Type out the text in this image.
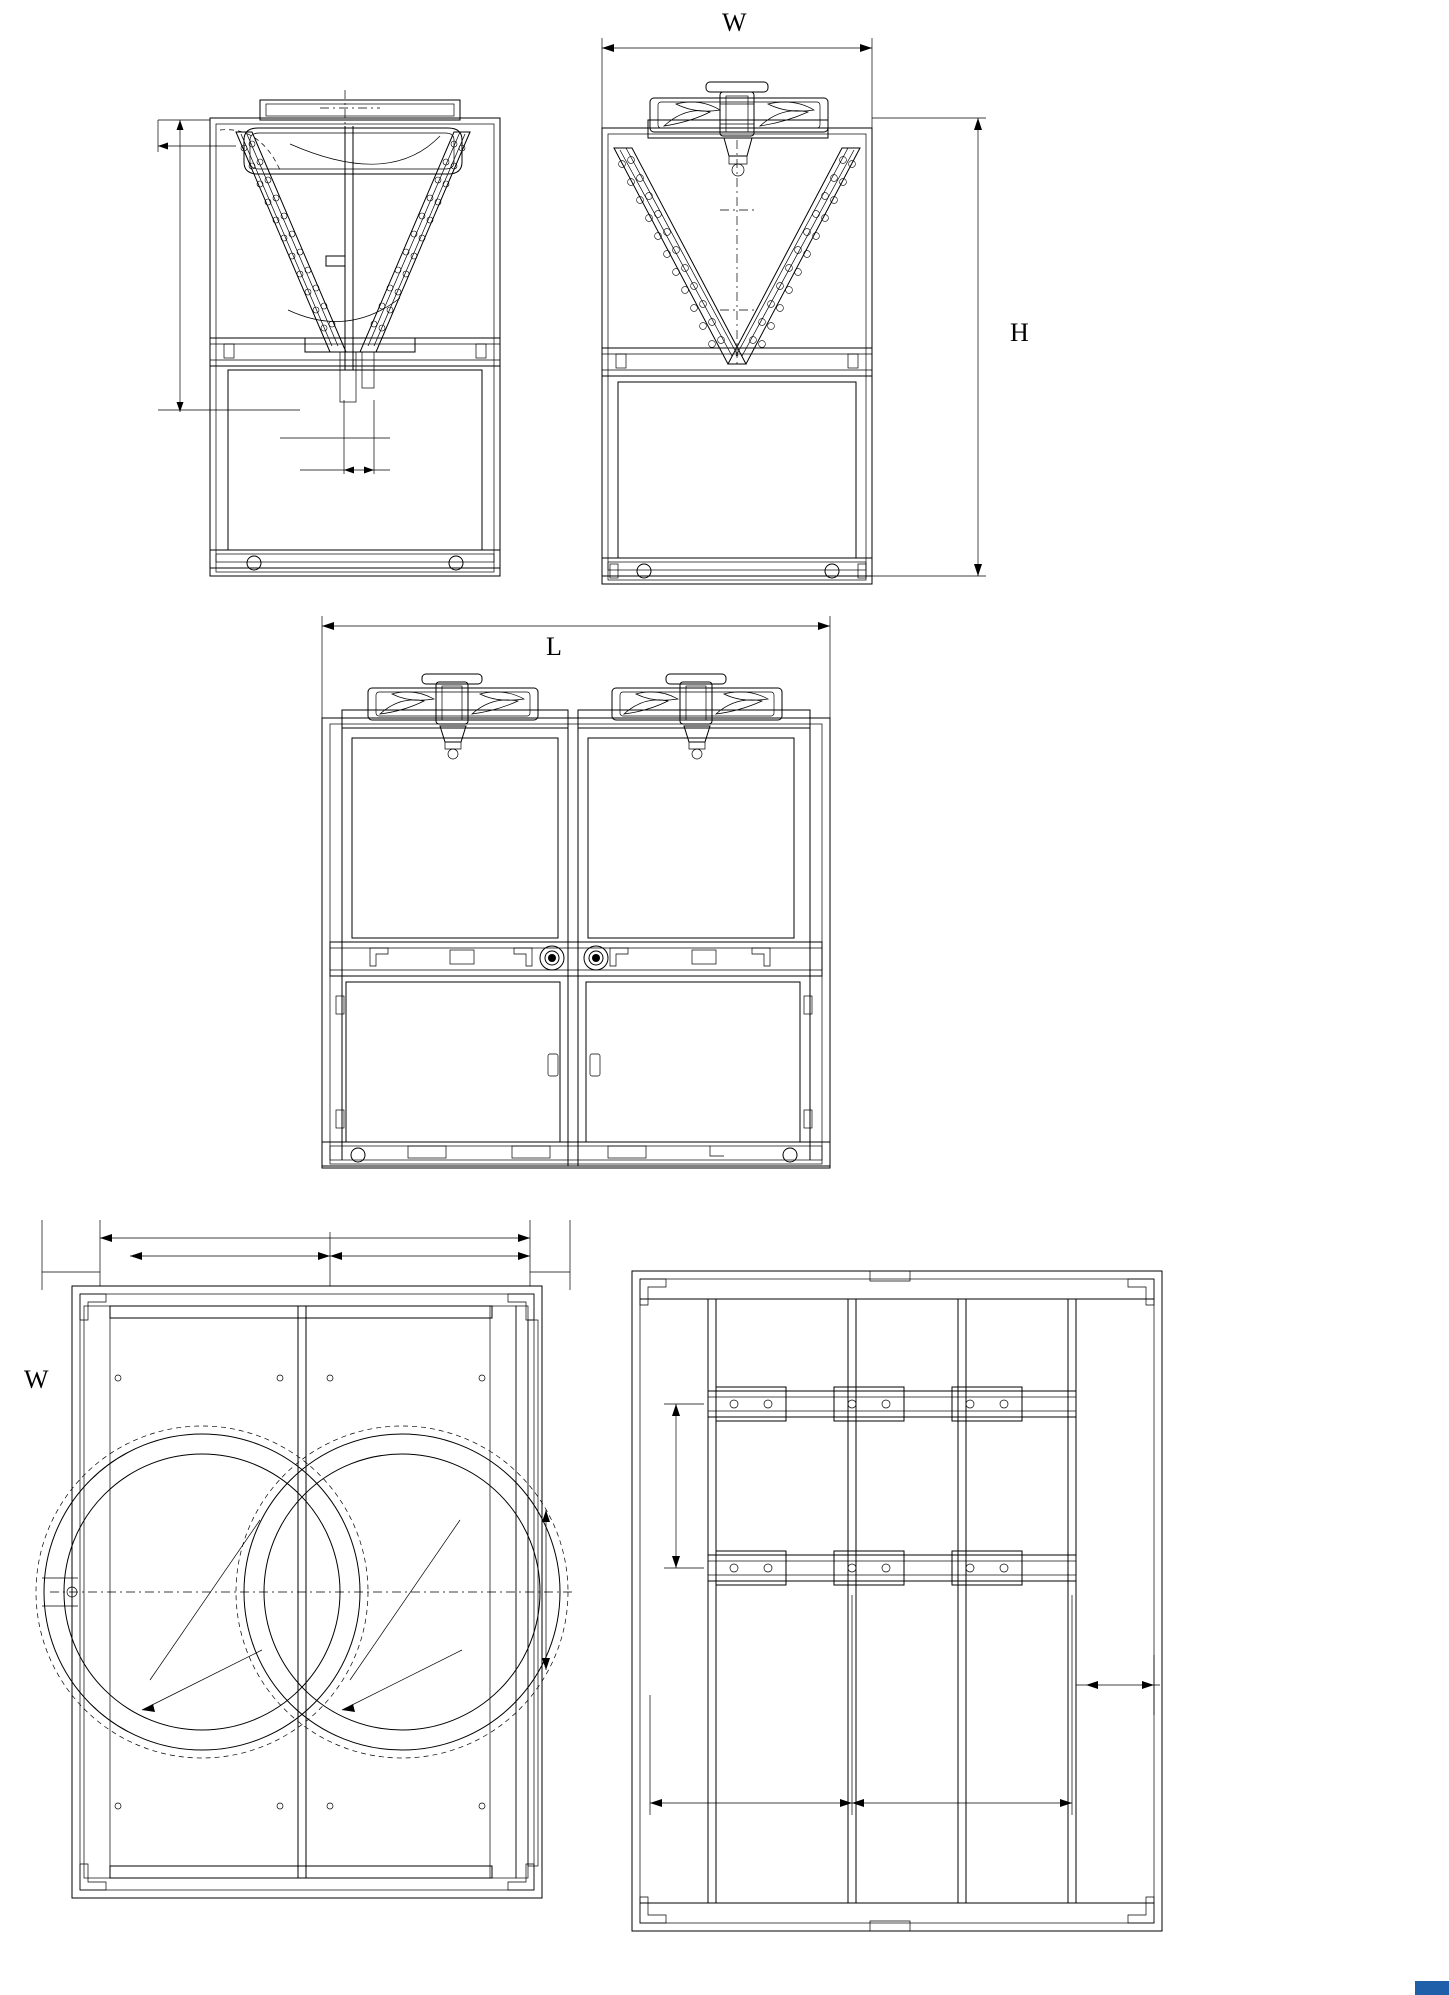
W
H
L
W
